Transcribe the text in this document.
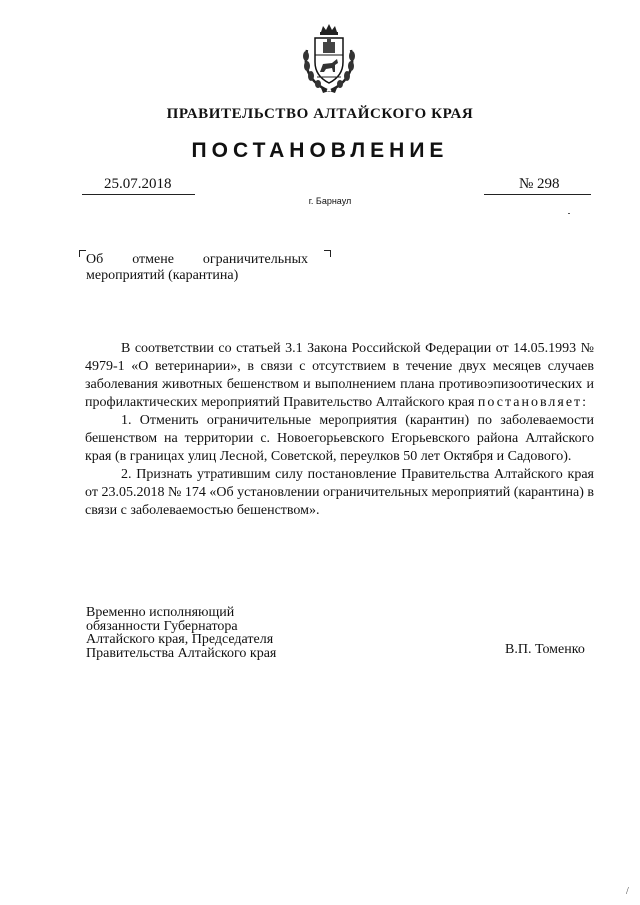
ПРАВИТЕЛЬСТВО АЛТАЙСКОГО КРАЯ
ПОСТАНОВЛЕНИЕ
25.07.2018	№ 298
г. Барнаул
Об отмене ограничительных
мероприятий (карантина)

В соответствии со статьей 3.1 Закона Российской Федерации от 14.05.1993 № 4979-1 «О ветеринарии», в связи с отсутствием в течение двух месяцев случаев заболевания животных бешенством и выполнением плана противоэпизоотических и профилактических мероприятий Правительство Алтайского края постановляет:

1. Отменить ограничительные мероприятия (карантин) по заболеваемости бешенством на территории с. Новоегорьевского Егорьевского района Алтайского края (в границах улиц Лесной, Советской, переулков 50 лет Октября и Садового).

2. Признать утратившим силу постановление Правительства Алтайского края от 23.05.2018 № 174 «Об установлении ограничительных мероприятий (карантина) в связи с заболеваемостью бешенством».

Временно исполняющий
обязанности Губернатора
Алтайского края, Председателя
Правительства Алтайского края	В.П. Томенко
/
